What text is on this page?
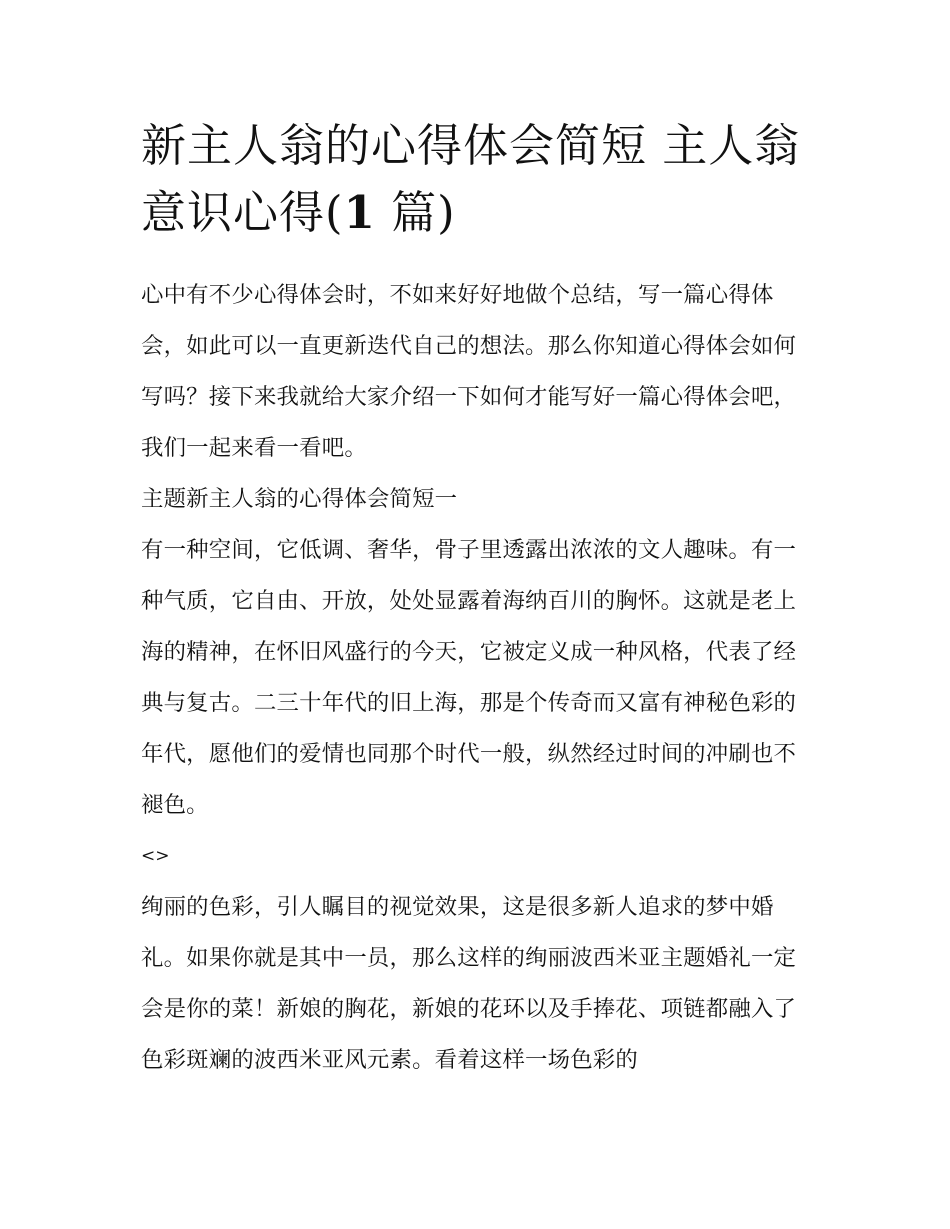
新主人翁的心得体会简短 主人翁意识心得(1 篇)

心中有不少心得体会时，不如来好好地做个总结，写一篇心得体会，如此可以一直更新迭代自己的想法。那么你知道心得体会如何写吗？接下来我就给大家介绍一下如何才能写好一篇心得体会吧，我们一起来看一看吧。

主题新主人翁的心得体会简短一

有一种空间，它低调、奢华，骨子里透露出浓浓的文人趣味。有一种气质，它自由、开放，处处显露着海纳百川的胸怀。这就是老上海的精神，在怀旧风盛行的今天，它被定义成一种风格，代表了经典与复古。二三十年代的旧上海，那是个传奇而又富有神秘色彩的年代，愿他们的爱情也同那个时代一般，纵然经过时间的冲刷也不褪色。

<>

绚丽的色彩，引人瞩目的视觉效果，这是很多新人追求的梦中婚礼。如果你就是其中一员，那么这样的绚丽波西米亚主题婚礼一定会是你的菜！新娘的胸花，新娘的花环以及手捧花、项链都融入了色彩斑斓的波西米亚风元素。看着这样一场色彩的
